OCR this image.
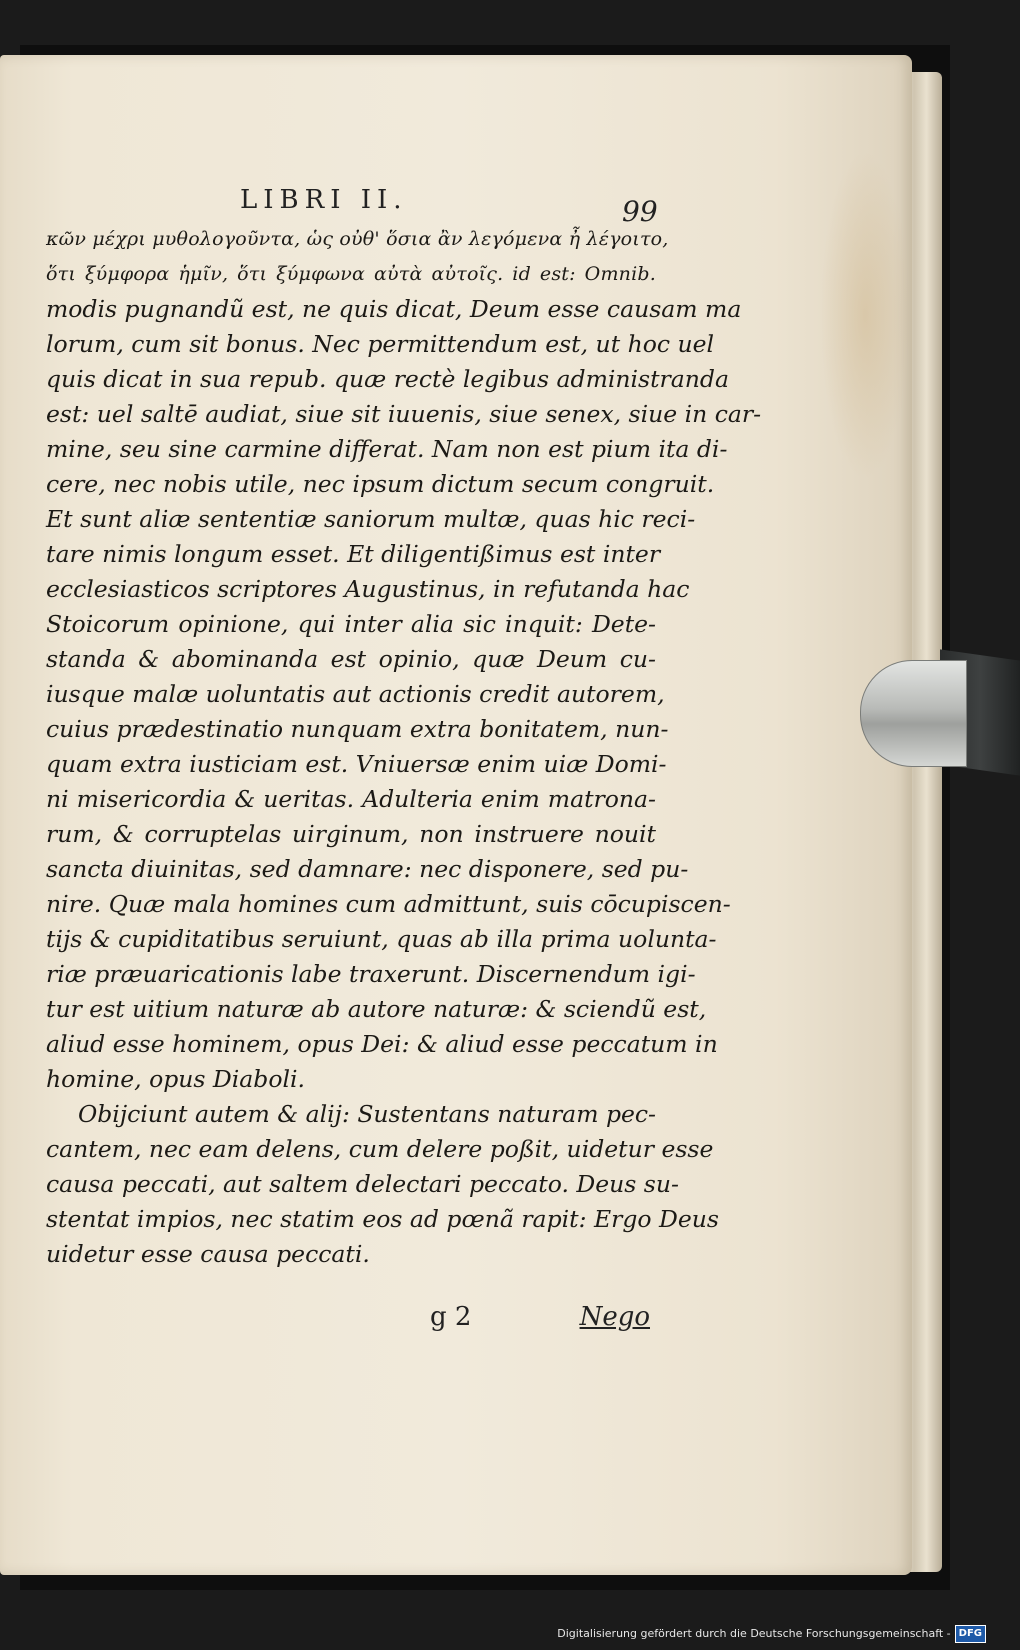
LIBRI II.	99
κῶν μέχρι μυθολογοῦντα, ὡς οὐθ' ὅσια ἂν λεγόμενα ἦ λέγοιτο,
ὅτι ξύμφορα ἡμῖν, ὅτι ξύμφωνα αὐτὰ αὐτοῖς. id est: Omnib.
modis pugnandũ est, ne quis dicat, Deum esse causam ma
lorum, cum sit bonus. Nec permittendum est, ut hoc uel
quis dicat in sua repub. quæ rectè legibus administranda
est: uel saltē audiat, siue sit iuuenis, siue senex, siue in car-
mine, seu sine carmine differat. Nam non est pium ita di-
cere, nec nobis utile, nec ipsum dictum secum congruit.
Et sunt aliæ sententiæ saniorum multæ, quas hic reci-
tare nimis longum esset. Et diligentißimus est inter
ecclesiasticos scriptores Augustinus, in refutanda hac
Stoicorum opinione, qui inter alia sic inquit: Dete-
standa & abominanda est opinio, quæ Deum cu-
iusque malæ uoluntatis aut actionis credit autorem,
cuius prædestinatio nunquam extra bonitatem, nun-
quam extra iusticiam est. Vniuersæ enim uiæ Domi-
ni misericordia & ueritas. Adulteria enim matrona-
rum, & corruptelas uirginum, non instruere nouit
sancta diuinitas, sed damnare: nec disponere, sed pu-
nire. Quæ mala homines cum admittunt, suis cōcupiscen-
tijs & cupiditatibus seruiunt, quas ab illa prima uolunta-
riæ præuaricationis labe traxerunt. Discernendum igi-
tur est uitium naturæ ab autore naturæ: & sciendũ est,
aliud esse hominem, opus Dei: & aliud esse peccatum in
homine, opus Diaboli.
Obijciunt autem & alij: Sustentans naturam pec-
cantem, nec eam delens, cum delere poßit, uidetur esse
causa peccati, aut saltem delectari peccato. Deus su-
stentat impios, nec statim eos ad pœnã rapit: Ergo Deus
uidetur esse causa peccati.
g 2	Nego
Digitalisierung gefördert durch die Deutsche Forschungsgemeinschaft - DFG
